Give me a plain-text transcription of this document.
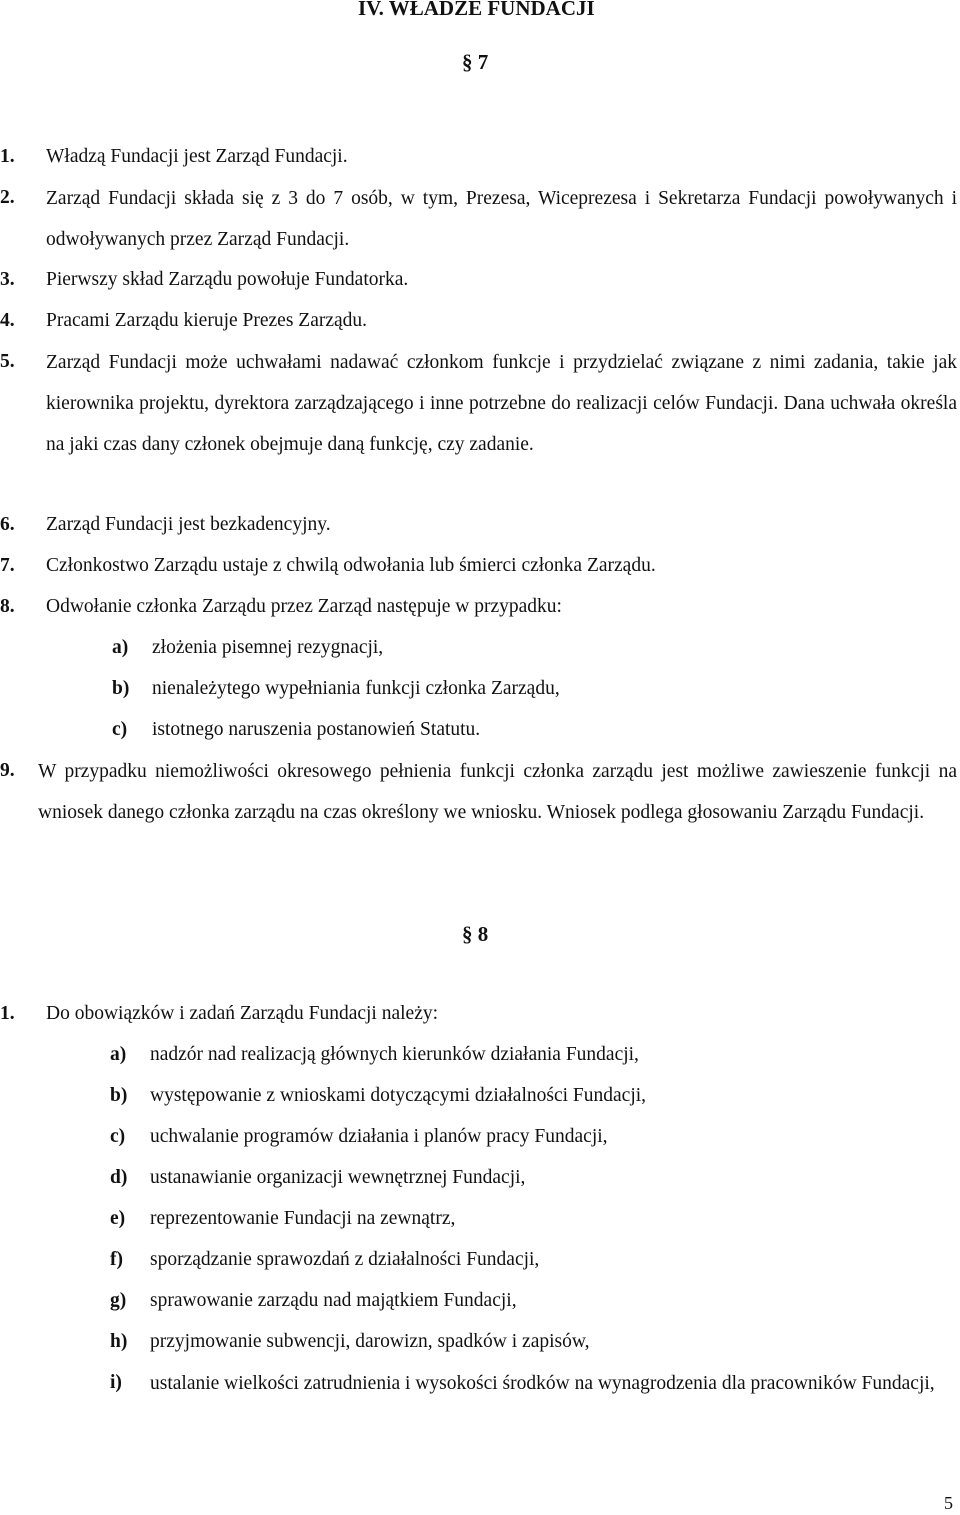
IV. WŁADZE FUNDACJI
§ 7
1. Władzą Fundacji jest Zarząd Fundacji.
2. Zarząd Fundacji składa się z 3 do 7 osób, w tym, Prezesa, Wiceprezesa i Sekretarza Fundacji powoływanych i odwoływanych przez Zarząd Fundacji.
3. Pierwszy skład Zarządu powołuje Fundatorka.
4. Pracami Zarządu kieruje Prezes Zarządu.
5. Zarząd Fundacji może uchwałami nadawać członkom funkcje i przydzielać związane z nimi zadania, takie jak kierownika projektu, dyrektora zarządzającego i inne potrzebne do realizacji celów Fundacji. Dana uchwała określa na jaki czas dany członek obejmuje daną funkcję, czy zadanie.
6. Zarząd Fundacji jest bezkadencyjny.
7. Członkostwo Zarządu ustaje z chwilą odwołania lub śmierci członka Zarządu.
8. Odwołanie członka Zarządu przez Zarząd następuje w przypadku:
a) złożenia pisemnej rezygnacji,
b) nienależytego wypełniania funkcji członka Zarządu,
c) istotnego naruszenia postanowień Statutu.
9. W przypadku niemożliwości okresowego pełnienia funkcji członka zarządu jest możliwe zawieszenie funkcji na wniosek danego członka zarządu na czas określony we wniosku. Wniosek podlega głosowaniu Zarządu Fundacji.
§ 8
1. Do obowiązków i zadań Zarządu Fundacji należy:
a) nadzór nad realizacją głównych kierunków działania Fundacji,
b) występowanie z wnioskami dotyczącymi działalności Fundacji,
c) uchwalanie programów działania i planów pracy Fundacji,
d) ustanawianie organizacji wewnętrznej Fundacji,
e) reprezentowanie Fundacji na zewnątrz,
f) sporządzanie sprawozdań z działalności Fundacji,
g) sprawowanie zarządu nad majątkiem Fundacji,
h) przyjmowanie subwencji, darowizn, spadków i zapisów,
i) ustalanie wielkości zatrudnienia i wysokości środków na wynagrodzenia dla pracowników Fundacji,
5
